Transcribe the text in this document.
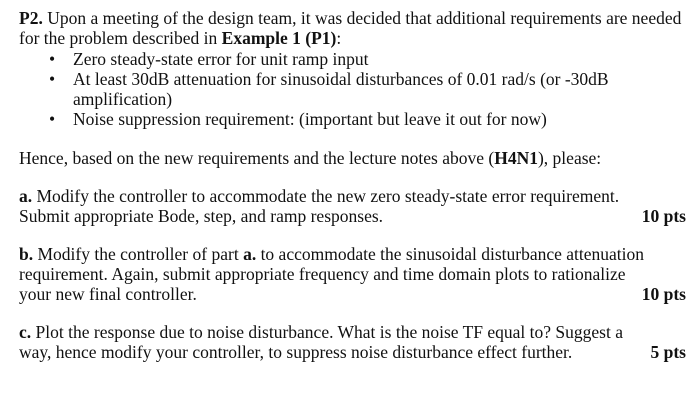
P2. Upon a meeting of the design team, it was decided that additional requirements are needed for the problem described in Example 1 (P1):

• Zero steady-state error for unit ramp input
• At least 30dB attenuation for sinusoidal disturbances of 0.01 rad/s (or -30dB amplification)
• Noise suppression requirement: (important but leave it out for now)

Hence, based on the new requirements and the lecture notes above (H4N1), please:

a. Modify the controller to accommodate the new zero steady-state error requirement.
Submit appropriate Bode, step, and ramp responses.	10 pts
b. Modify the controller of part a. to accommodate the sinusoidal disturbance attenuation
requirement. Again, submit appropriate frequency and time domain plots to rationalize
your new final controller.	10 pts
c. Plot the response due to noise disturbance. What is the noise TF equal to? Suggest a
way, hence modify your controller, to suppress noise disturbance effect further.	5 pts
